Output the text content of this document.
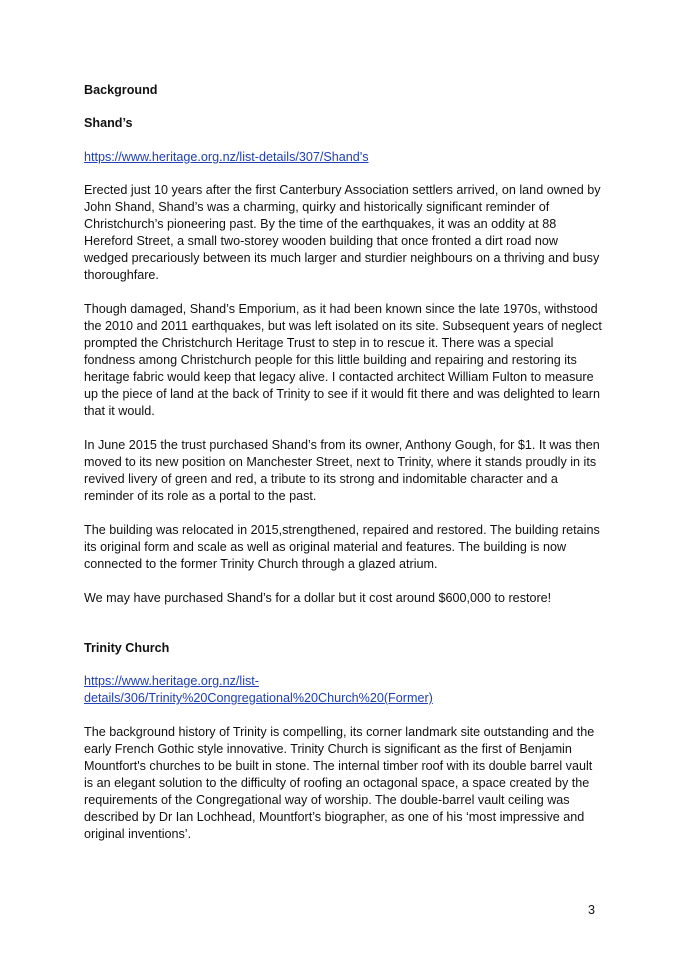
Background
Shand’s
https://www.heritage.org.nz/list-details/307/Shand's

Erected just 10 years after the first Canterbury Association settlers arrived, on land owned by John Shand, Shand’s was a charming, quirky and historically significant reminder of Christchurch’s pioneering past. By the time of the earthquakes, it was an oddity at 88 Hereford Street, a small two-storey wooden building that once fronted a dirt road now wedged precariously between its much larger and sturdier neighbours on a thriving and busy thoroughfare.

Though damaged, Shand’s Emporium, as it had been known since the late 1970s, withstood the 2010 and 2011 earthquakes, but was left isolated on its site. Subsequent years of neglect prompted the Christchurch Heritage Trust to step in to rescue it. There was a special fondness among Christchurch people for this little building and repairing and restoring its heritage fabric would keep that legacy alive. I contacted architect William Fulton to measure up the piece of land at the back of Trinity to see if it would fit there and was delighted to learn that it would.

In June 2015 the trust purchased Shand’s from its owner, Anthony Gough, for $1. It was then moved to its new position on Manchester Street, next to Trinity, where it stands proudly in its revived livery of green and red, a tribute to its strong and indomitable character and a reminder of its role as a portal to the past.

The building was relocated in 2015,strengthened, repaired and restored. The building retains its original form and scale as well as original material and features. The building is now connected to the former Trinity Church through a glazed atrium.

We may have purchased Shand’s for a dollar but it cost around $600,000 to restore!

Trinity Church
https://www.heritage.org.nz/list-
details/306/Trinity%20Congregational%20Church%20(Former)

The background history of Trinity is compelling, its corner landmark site outstanding and the early French Gothic style innovative. Trinity Church is significant as the first of Benjamin Mountfort's churches to be built in stone. The internal timber roof with its double barrel vault is an elegant solution to the difficulty of roofing an octagonal space, a space created by the requirements of the Congregational way of worship. The double-barrel vault ceiling was described by Dr Ian Lochhead, Mountfort’s biographer, as one of his ‘most impressive and original inventions’.

3
